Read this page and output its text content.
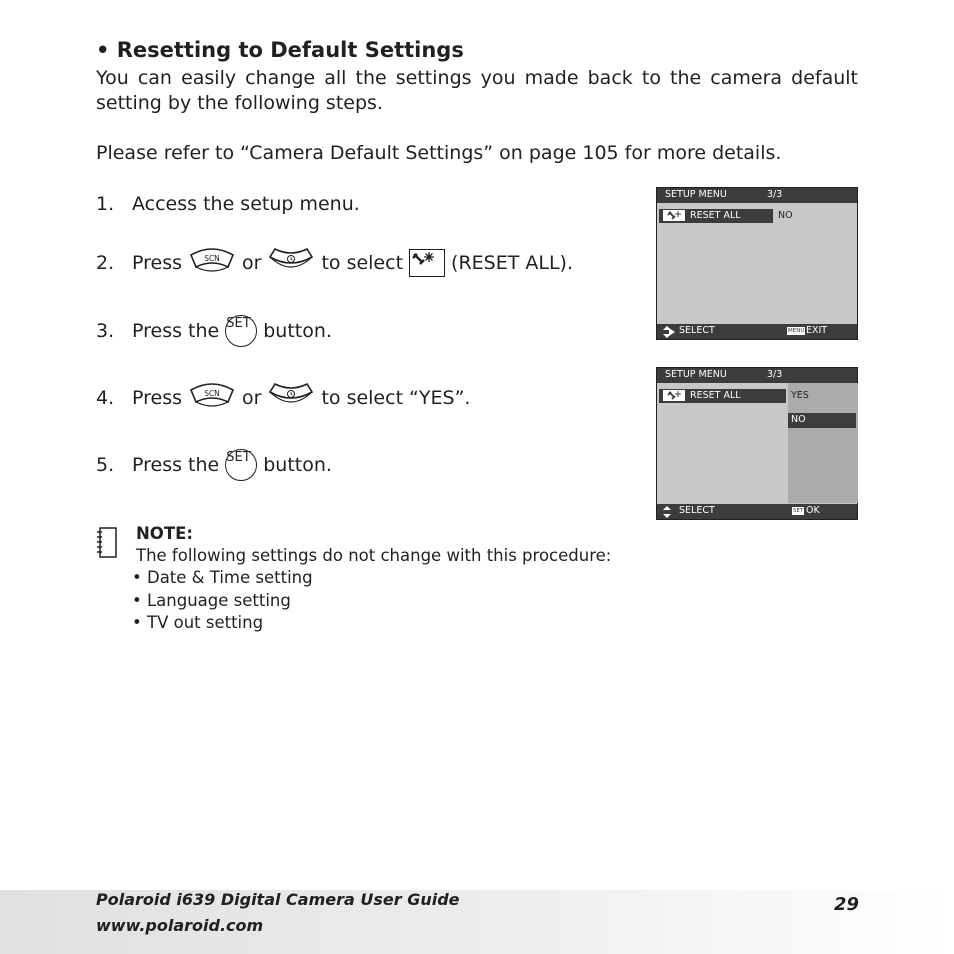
• Resetting to Default Settings
You can easily change all the settings you made back to the camera default setting by the following steps.
Please refer to “Camera Default Settings” on page 105 for more details.
1. Access the setup menu.
2. Press	SCN or	to select	(RESET ALL).
3. Press the SET button.
4. Press	SCN or	to select “YES”.
5. Press the SET button.
SETUP MENU	3/3
RESET ALL	NO
SELECT	MENU EXIT
SETUP MENU	3/3
RESET ALL	YES
NO
SELECT	SET OK
NOTE:
The following settings do not change with this procedure:
• Date & Time setting
• Language setting
• TV out setting
Polaroid i639 Digital Camera User Guide
www.polaroid.com
29
